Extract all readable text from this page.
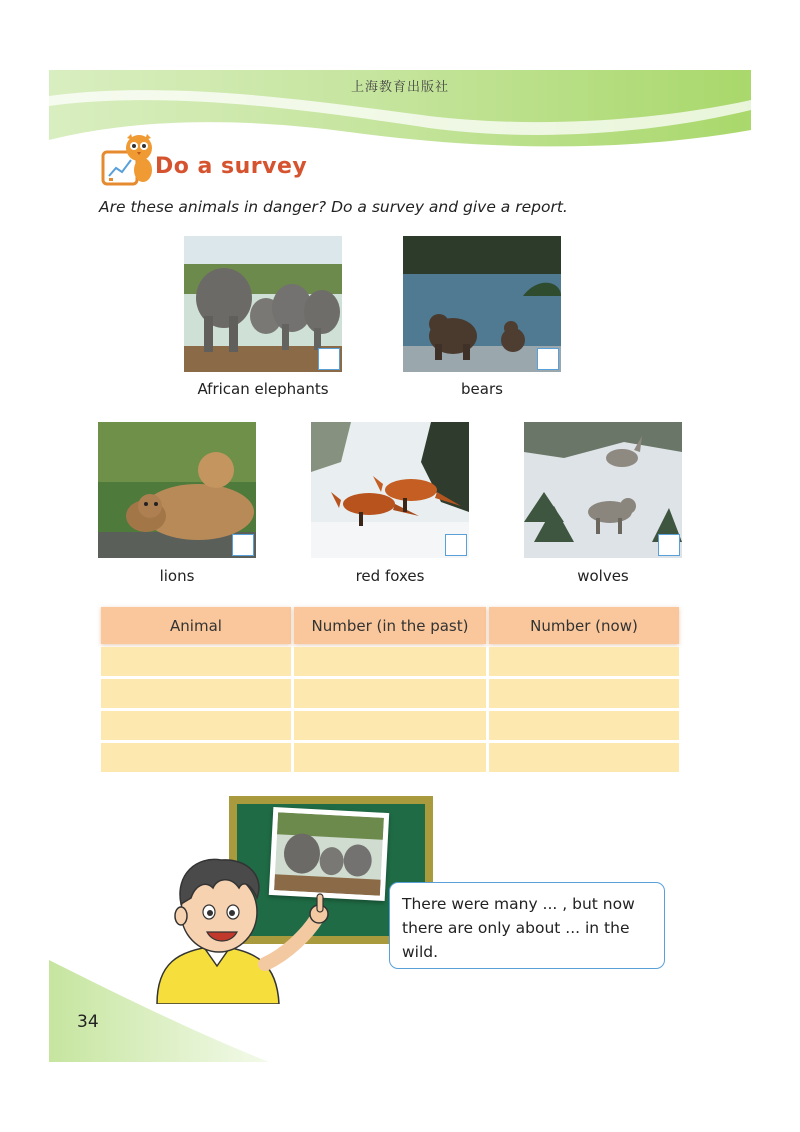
上海教育出版社
Do a survey
Are these animals in danger? Do a survey and give a report.
African elephants	bears
lions	red foxes	wolves
Animal	Number (in the past)	Number (now)
There were many ... , but now there are only about ... in the wild.
34
